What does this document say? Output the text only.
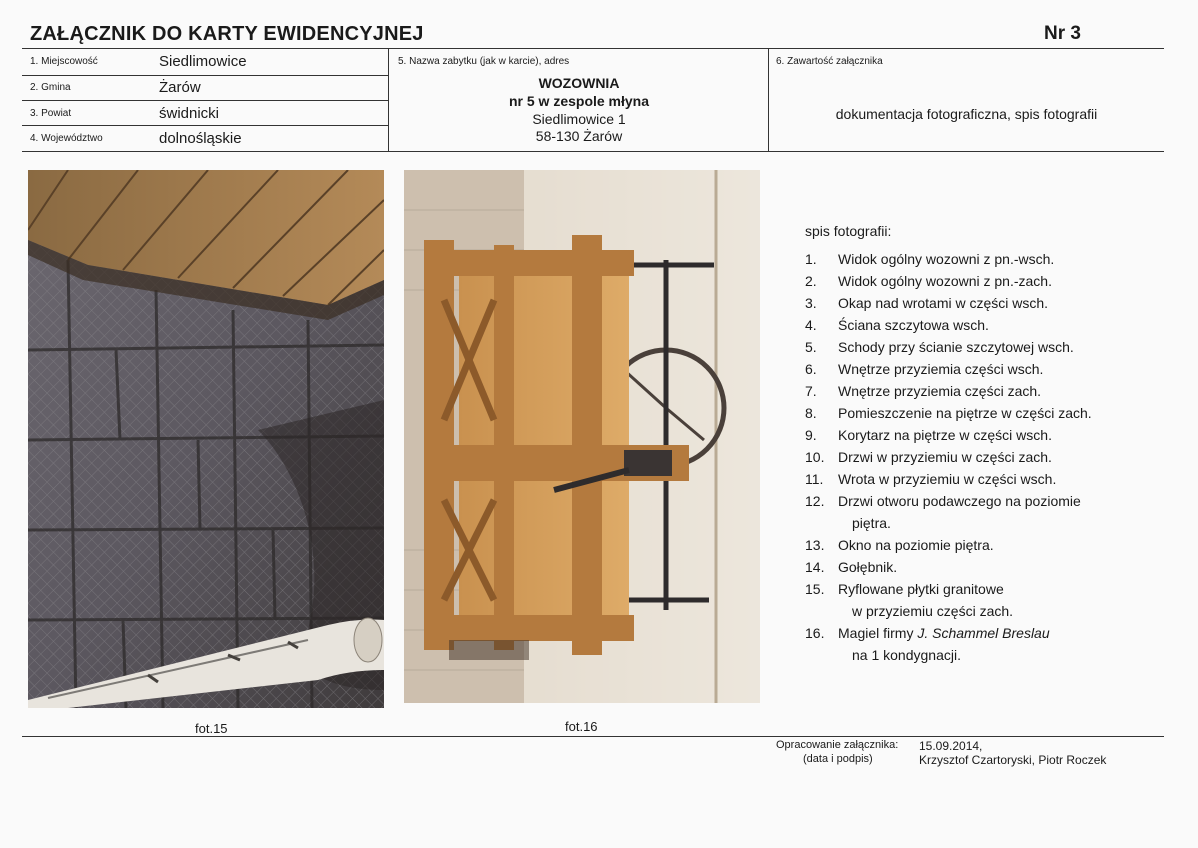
ZAŁĄCZNIK DO KARTY EWIDENCYJNEJ	Nr 3
1. Miejscowość	Siedlimowice
2. Gmina	Żarów
3. Powiat	świdnicki
4. Województwo	dolnośląskie
5. Nazwa zabytku (jak w karcie), adres
WOZOWNIA
nr 5 w zespole młyna
Siedlimowice 1
58-130 Żarów
6. Zawartość załącznika
dokumentacja fotograficzna, spis fotografii
fot.15	fot.16
spis fotografii:
1.	Widok ogólny wozowni z pn.-wsch.
2.	Widok ogólny wozowni z pn.-zach.
3.	Okap nad wrotami w części wsch.
4.	Ściana szczytowa wsch.
5.	Schody przy ścianie szczytowej wsch.
6.	Wnętrze przyziemia części wsch.
7.	Wnętrze przyziemia części zach.
8.	Pomieszczenie na piętrze w części zach.
9.	Korytarz na piętrze w części wsch.
10. Drzwi w przyziemiu w części zach.
11.	Wrota w przyziemiu w części wsch.
12. Drzwi otworu podawczego na poziomie
piętra.
13. Okno na poziomie piętra.
14. Gołębnik.
15. Ryflowane płytki granitowe
w przyziemiu części zach.
16. Magiel firmy J. Schammel Breslau
na 1 kondygnacji.
Opracowanie załącznika:
(data i podpis)
15.09.2014,
Krzysztof Czartoryski, Piotr Roczek
